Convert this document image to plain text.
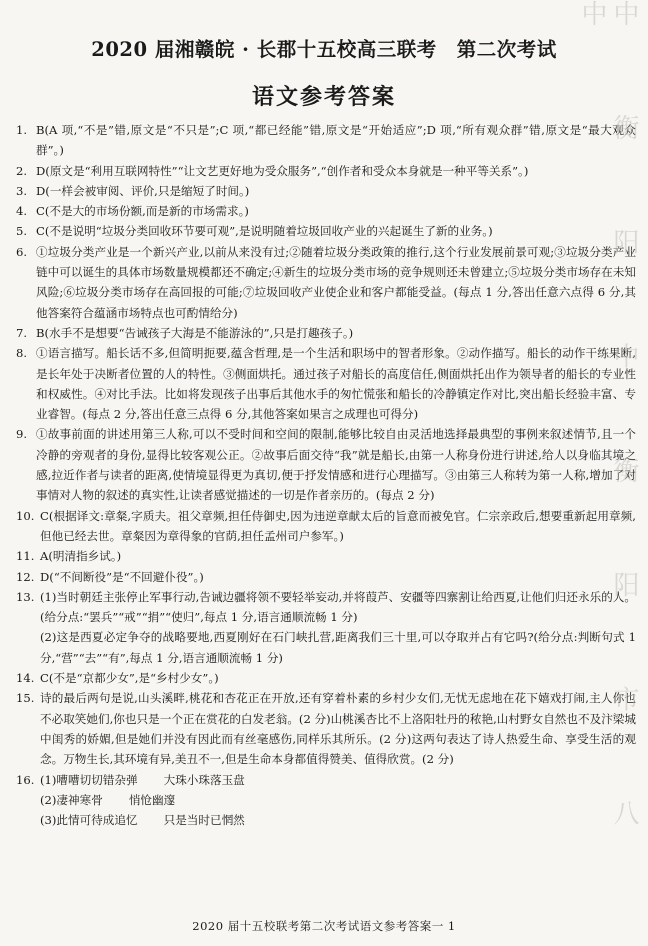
2020 届湘赣皖 · 长郡十五校高三联考　第二次考试
语文参考答案
1. B(A 项,“不是”错,原文是“不只是”;C 项,“都已经能”错,原文是“开始适应”;D 项,“所有观众群”错,原文是“最大观众群”。)
2. D(原文是“利用互联网特性”“让文艺更好地为受众服务”,“创作者和受众本身就是一种平等关系”。)
3. D(一样会被审阅、评价,只是缩短了时间。)
4. C(不是大的市场份额,而是新的市场需求。)
5. C(不是说明“垃圾分类回收环节要可观”,是说明随着垃圾回收产业的兴起诞生了新的业务。)
6. ①垃圾分类产业是一个新兴产业,以前从来没有过;②随着垃圾分类政策的推行,这个行业发展前景可观;③垃圾分类产业链中可以诞生的具体市场数量规模都还不确定;④新生的垃圾分类市场的竞争规则还未曾建立;⑤垃圾分类市场存在未知风险;⑥垃圾分类市场存在高回报的可能;⑦垃圾回收产业使企业和客户都能受益。(每点 1 分,答出任意六点得 6 分,其他答案符合蕴涵市场特点也可酌情给分)
7. B(水手不是想要“告诫孩子大海是不能游泳的”,只是打趣孩子。)
8. ①语言描写。船长话不多,但简明扼要,蕴含哲理,是一个生活和职场中的智者形象。②动作描写。船长的动作干练果断,是长年处于决断者位置的人的特性。③侧面烘托。通过孩子对船长的高度信任,侧面烘托出作为领导者的船长的专业性和权威性。④对比手法。比如将发现孩子出事后其他水手的匆忙慌张和船长的冷静镇定作对比,突出船长经验丰富、专业睿智。(每点 2 分,答出任意三点得 6 分,其他答案如果言之成理也可得分)
9. ①故事前面的讲述用第三人称,可以不受时间和空间的限制,能够比较自由灵活地选择最典型的事例来叙述情节,且一个冷静的旁观者的身份,显得比较客观公正。②故事后面交待“我”就是船长,由第一人称身份进行讲述,给人以身临其境之感,拉近作者与读者的距离,使情境显得更为真切,便于抒发情感和进行心理描写。③由第三人称转为第一人称,增加了对事情对人物的叙述的真实性,让读者感觉描述的一切是作者亲历的。(每点 2 分)
10. C(根据译文:章粲,字质夫。祖父章频,担任侍御史,因为违逆章献太后的旨意而被免官。仁宗亲政后,想要重新起用章频,但他已经去世。章粲因为章得象的官荫,担任孟州司户参军。)
11. A(明清指乡试。)
12. D(“不间断役”是“不回避仆役”。)
13. (1)当时朝廷主张停止军事行动,告诫边疆将领不要轻举妄动,并将葭芦、安疆等四寨割让给西夏,让他们归还永乐的人。(给分点:“罢兵”“戒”“捐”“使归”,每点 1 分,语言通顺流畅 1 分)
(2)这是西夏必定争夺的战略要地,西夏刚好在石门峡扎营,距离我们三十里,可以夺取并占有它吗?(给分点:判断句式 1 分,“营”“去”“有”,每点 1 分,语言通顺流畅 1 分)
14. C(不是“京都少女”,是“乡村少女”。)
15. 诗的最后两句是说,山头溪畔,桃花和杏花正在开放,还有穿着朴素的乡村少女们,无忧无虑地在花下嬉戏打闹,主人你也不必取笑她们,你也只是一个正在赏花的白发老翁。(2 分)山桃溪杏比不上洛阳牡丹的秾艳,山村野女自然也不及汴梁城中闺秀的娇媚,但是她们并没有因此而有丝毫感伤,同样乐其所乐。(2 分)这两句表达了诗人热爱生命、享受生活的观念。万物生长,其环境有异,美丑不一,但是生命本身都值得赞美、值得欣赏。(2 分)
16. (1)嘈嘈切切错杂弹 大珠小珠落玉盘
(2)凄神寒骨 悄怆幽邃
(3)此情可待成追忆 只是当时已惘然	中 衡 阳 中 衡 阳 市 八 中
2020 届十五校联考第二次考试语文参考答案一 1
